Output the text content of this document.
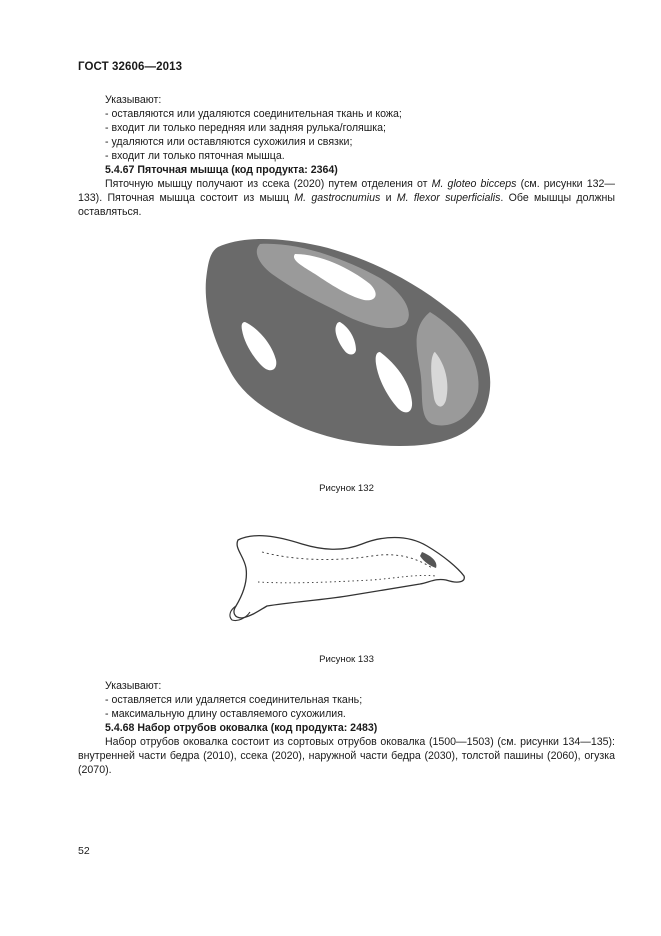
ГОСТ 32606—2013

Указывают:

- оставляются или удаляются соединительная ткань и кожа;

- входит ли только передняя или задняя рулька/голяшка;

- удаляются или оставляются сухожилия и связки;

- входит ли только пяточная мышца.

5.4.67 Пяточная мышца (код продукта: 2364)

Пяточную мышцу получают из ссека (2020) путем отделения от M. gloteo bicceps (см. рисунки 132—133). Пяточная мышца состоит из мышц M. gastrocnumius и M. flexor superficialis. Обе мышцы должны оставляться.

Рисунок 132
Рисунок 133

Указывают:

- оставляется или удаляется соединительная ткань;

- максимальную длину оставляемого сухожилия.

5.4.68 Набор отрубов оковалка (код продукта: 2483)

Набор отрубов оковалка состоит из сортовых отрубов оковалка (1500—1503) (см. рисунки 134—135): внутренней части бедра (2010), ссека (2020), наружной части бедра (2030), толстой пашины (2060), огузка (2070).

52
